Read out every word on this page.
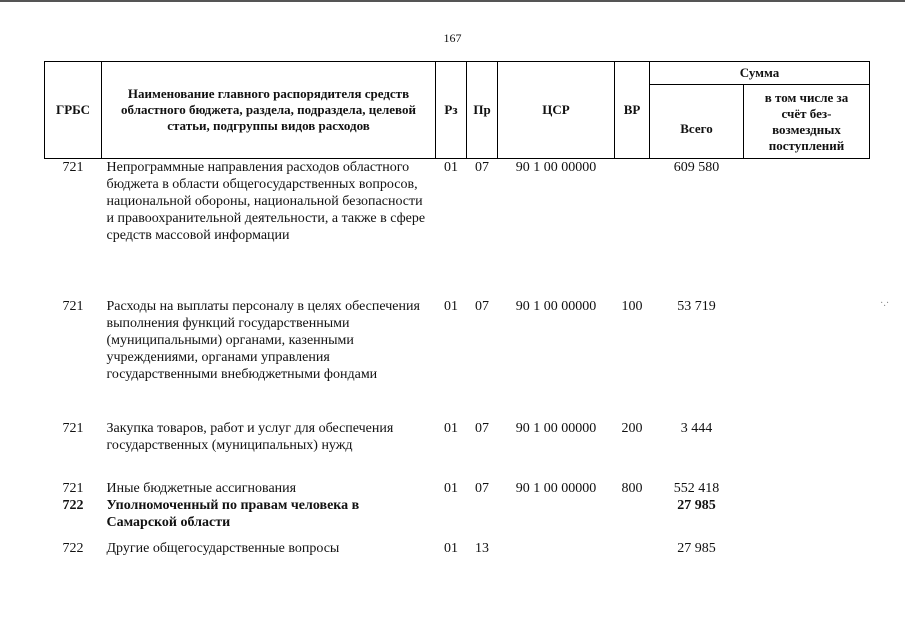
167
·.·
ГРБС	Наименование главного распорядителя средств областного бюджета, раздела, подраздела, целевой статьи, подгруппы видов расходов	Рз	Пр	ЦСР	ВР	Сумма	
						Всего	в том числе за счёт без-возмездных поступлений
721	Непрограммные направления расходов областного бюджета в области общегосударственных вопросов, национальной обороны, национальной безопасности и правоохранительной деятельности, а также в сфере средств массовой информации	01	07	90 1 00 00000		609 580	
721	Расходы на выплаты персоналу в целях обеспечения выполнения функций государственными (муниципальными) органами, казенными учреждениями, органами управления государственными внебюджетными фондами	01	07	90 1 00 00000	100	53 719	
721	Закупка товаров, работ и услуг для обеспечения государственных (муниципальных) нужд	01	07	90 1 00 00000	200	3 444	
721	Иные бюджетные ассигнования	01	07	90 1 00 00000	800	552 418	
722	Уполномоченный по правам человека в Самарской области					27 985	
722	Другие общегосударственные вопросы	01	13			27 985	
